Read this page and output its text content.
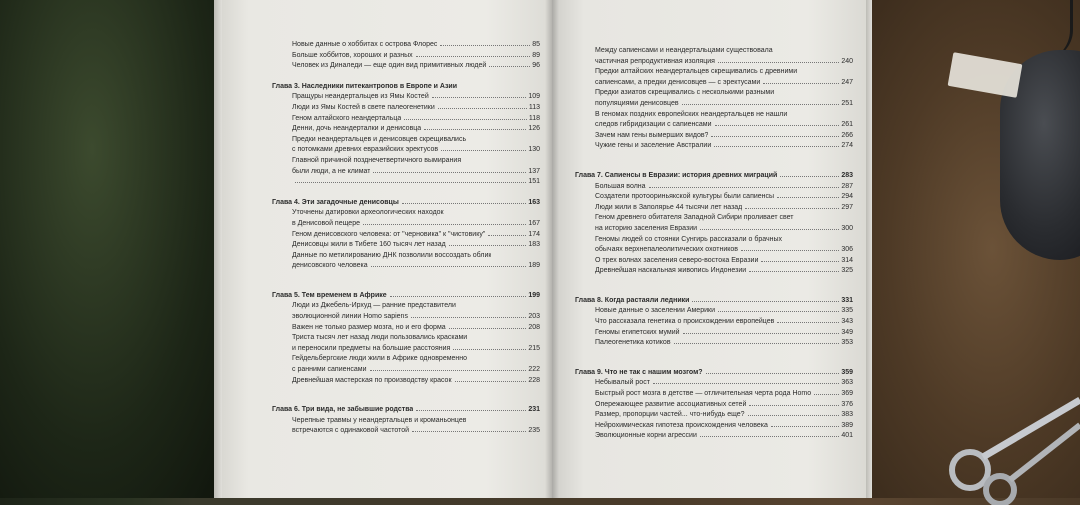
Новые данные о хоббитах с острова Флорес	85
Больше хоббитов, хороших и разных	89
Человек из Диналеди — еще один вид примитивных людей	96
Глава 3. Наследники питекантропов в Европе и Азии
Пращуры неандертальцев из Ямы Костей	109
Люди из Ямы Костей в свете палеогенетики	113
Геном алтайского неандертальца	118
Денни, дочь неандерталки и денисовца	126
Предки неандертальцев и денисовцев скрещивались
с потомками древних евразийских эректусов	130
Главной причиной позднечетвертичного вымирания
были люди, а не климат	137
151
Глава 4. Эти загадочные денисовцы	163
Уточнены датировки археологических находок
в Денисовой пещере	167
Геном денисовского человека: от "черновика" к "чистовику"	174
Денисовцы жили в Тибете 160 тысяч лет назад	183
Данные по метилированию ДНК позволили воссоздать облик
денисовского человека	189
Глава 5. Тем временем в Африке	199
Люди из Джебель-Ирхуд — ранние представители
эволюционной линии Homo sapiens	203
Важен не только размер мозга, но и его форма	208
Триста тысяч лет назад люди пользовались красками
и переносили предметы на большие расстояния	215
Гейдельбергские люди жили в Африке одновременно
с ранними сапиенсами	222
Древнейшая мастерская по производству красок	228
Глава 6. Три вида, не забывшие родства	231
Черепные травмы у неандертальцев и кроманьонцев
встречаются с одинаковой частотой	235
Между сапиенсами и неандертальцами существовала
частичная репродуктивная изоляция	240
Предки алтайских неандертальцев скрещивались с древними
сапиенсами, а предки денисовцев — с эректусами	247
Предки азиатов скрещивались с несколькими разными
популяциями денисовцев	251
В геномах поздних европейских неандертальцев не нашли
следов гибридизации с сапиенсами	261
Зачем нам гены вымерших видов?	266
Чужие гены и заселение Австралии	274
Глава 7. Сапиенсы в Евразии: история древних миграций	283
Большая волна	287
Создатели протоориньякской культуры были сапиенсы	294
Люди жили в Заполярье 44 тысячи лет назад	297
Геном древнего обитателя Западной Сибири проливает свет
на историю заселения Евразии	300
Геномы людей со стоянки Сунгирь рассказали о брачных
обычаях верхнепалеолитических охотников	306
О трех волнах заселения северо-востока Евразии	314
Древнейшая наскальная живопись Индонезии	325
Глава 8. Когда растаяли ледники	331
Новые данные о заселении Америки	335
Что рассказала генетика о происхождении европейцев	343
Геномы египетских мумий	349
Палеогенетика котиков	353
Глава 9. Что не так с нашим мозгом?	359
Небывалый рост	363
Быстрый рост мозга в детстве — отличительная черта рода Homo	369
Опережающее развитие ассоциативных сетей	376
Размер, пропорции частей... что-нибудь еще?	383
Нейрохимическая гипотеза происхождения человека	389
Эволюционные корни агрессии	401
